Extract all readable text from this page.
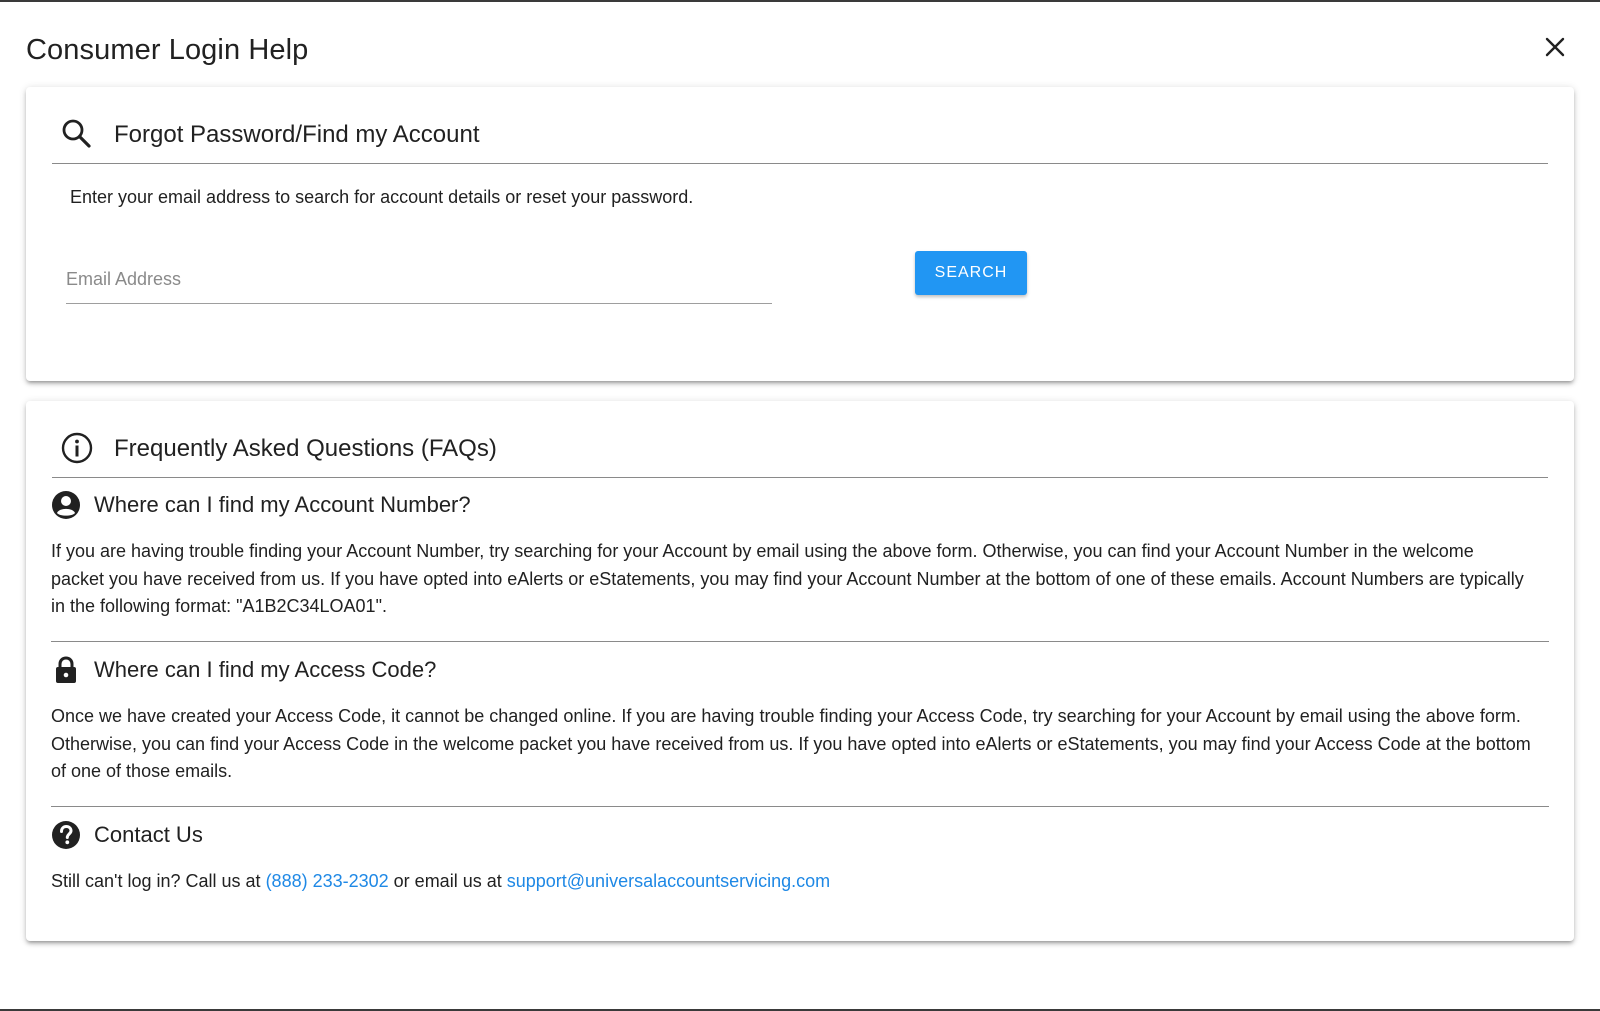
Consumer Login Help
Forgot Password/Find my Account
Enter your email address to search for account details or reset your password.
Email Address
SEARCH
Frequently Asked Questions (FAQs)
Where can I find my Account Number?
If you are having trouble finding your Account Number, try searching for your Account by email using the above form. Otherwise, you can find your Account Number in the welcome packet you have received from us. If you have opted into eAlerts or eStatements, you may find your Account Number at the bottom of one of these emails. Account Numbers are typically in the following format: "A1B2C34LOA01".
Where can I find my Access Code?
Once we have created your Access Code, it cannot be changed online. If you are having trouble finding your Access Code, try searching for your Account by email using the above form. Otherwise, you can find your Access Code in the welcome packet you have received from us. If you have opted into eAlerts or eStatements, you may find your Access Code at the bottom of one of those emails.
Contact Us
Still can't log in? Call us at (888) 233-2302 or email us at support@universalaccountservicing.com
